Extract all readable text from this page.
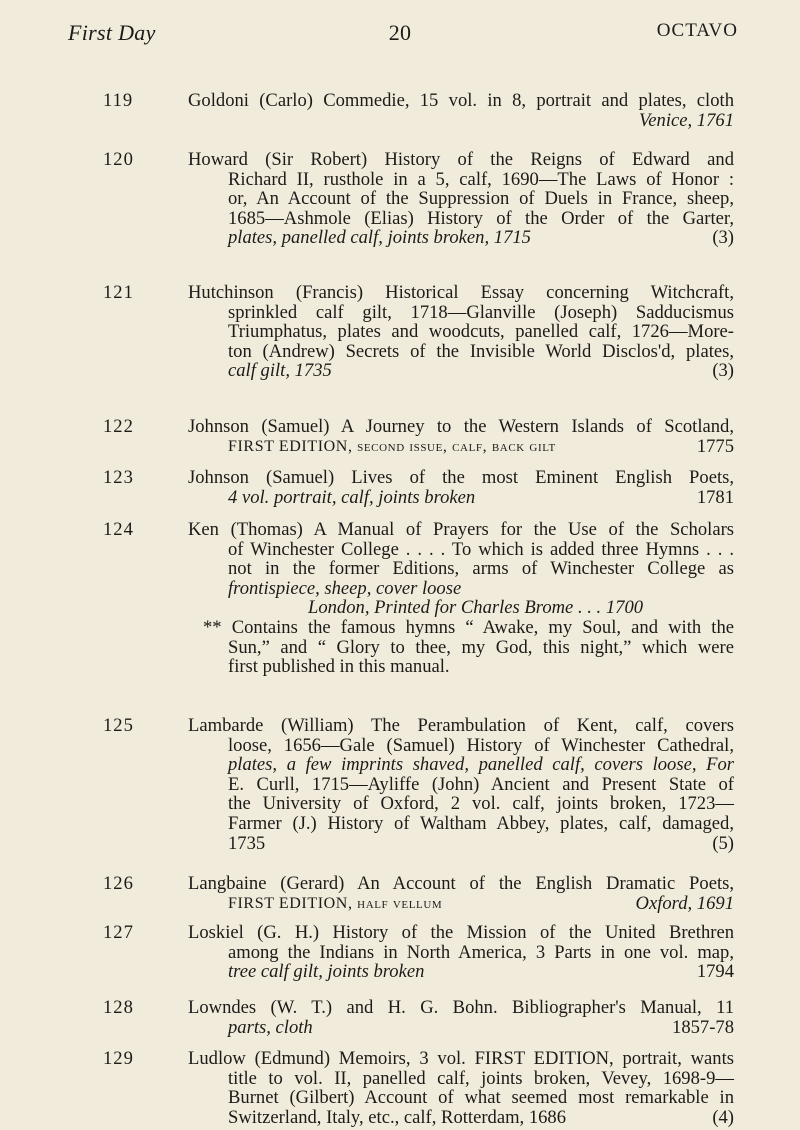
First Day	20	OCTAVO
119	Goldoni (Carlo) Commedie, 15 vol. in 8, portrait and plates, cloth
Venice, 1761
120	Howard (Sir Robert) History of the Reigns of Edward and
Richard II, rusthole in a 5, calf, 1690—The Laws of Honor :
or, An Account of the Suppression of Duels in France, sheep,
1685—Ashmole (Elias) History of the Order of the Garter,
plates, panelled calf, joints broken, 1715	(3)
121	Hutchinson (Francis) Historical Essay concerning Witchcraft,
sprinkled calf gilt, 1718—Glanville (Joseph) Sadducismus
Triumphatus, plates and woodcuts, panelled calf, 1726—More-
ton (Andrew) Secrets of the Invisible World Disclos'd, plates,
calf gilt, 1735	(3)
122	Johnson (Samuel) A Journey to the Western Islands of Scotland,
FIRST EDITION, second issue, calf, back gilt	1775
123	Johnson (Samuel) Lives of the most Eminent English Poets,
4 vol. portrait, calf, joints broken	1781
124	Ken (Thomas) A Manual of Prayers for the Use of the Scholars
of Winchester College . . . . To which is added three Hymns . . .
not in the former Editions, arms of Winchester College as
frontispiece, sheep, cover loose
London, Printed for Charles Brome . . . 1700
** Contains the famous hymns “ Awake, my Soul, and with the
Sun,” and “ Glory to thee, my God, this night,” which were
first published in this manual.
125	Lambarde (William) The Perambulation of Kent, calf, covers
loose, 1656—Gale (Samuel) History of Winchester Cathedral,
plates, a few imprints shaved, panelled calf, covers loose, For
E. Curll, 1715—Ayliffe (John) Ancient and Present State of
the University of Oxford, 2 vol. calf, joints broken, 1723—
Farmer (J.) History of Waltham Abbey, plates, calf, damaged,
1735	(5)
126	Langbaine (Gerard) An Account of the English Dramatic Poets,
FIRST EDITION, half vellum	Oxford, 1691
127	Loskiel (G. H.) History of the Mission of the United Brethren
among the Indians in North America, 3 Parts in one vol. map,
tree calf gilt, joints broken	1794
128	Lowndes (W. T.) and H. G. Bohn. Bibliographer's Manual, 11
parts, cloth	1857-78
129	Ludlow (Edmund) Memoirs, 3 vol. FIRST EDITION, portrait, wants
title to vol. II, panelled calf, joints broken, Vevey, 1698-9—
Burnet (Gilbert) Account of what seemed most remarkable in
Switzerland, Italy, etc., calf, Rotterdam, 1686	(4)
